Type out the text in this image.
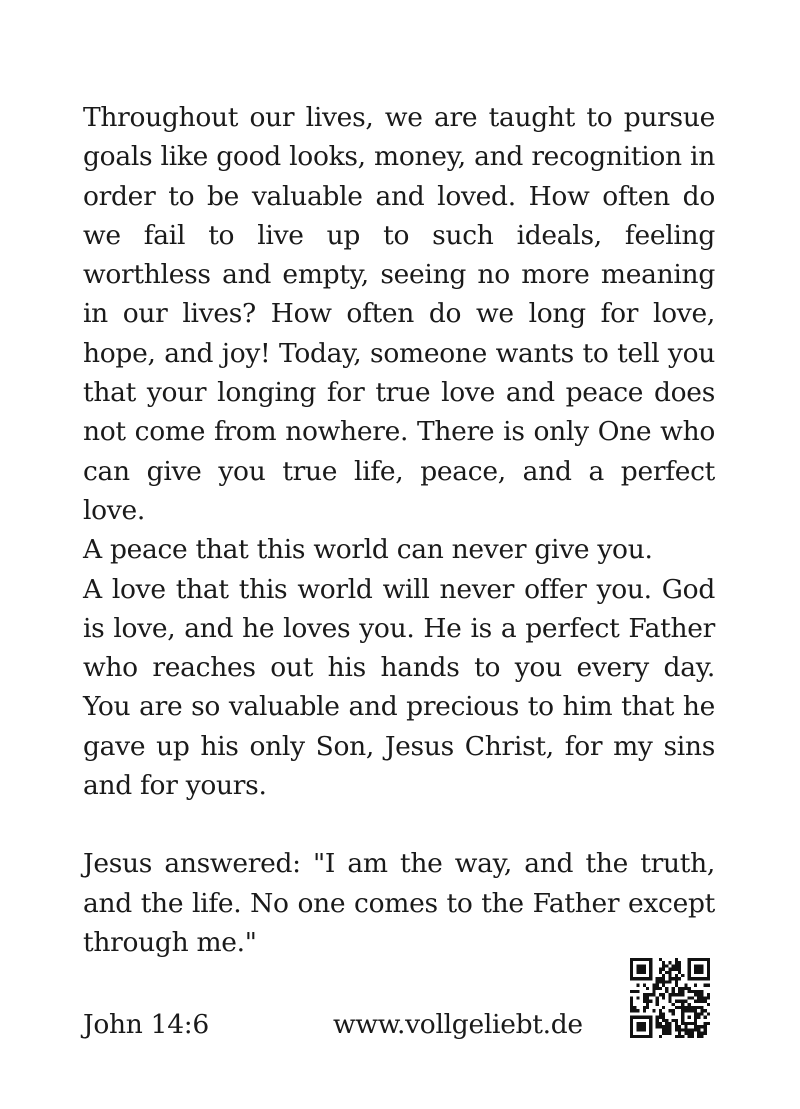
Throughout our lives, we are taught to pursue goals like good looks, money, and recognition in order to be valuable and loved. How often do we fail to live up to such ideals, feeling worthless and empty, seeing no more meaning in our lives? How often do we long for love, hope, and joy! Today, someone wants to tell you that your longing for true love and peace does not come from nowhere. There is only One who can give you true life, peace, and a perfect love.

A peace that this world can never give you.

A love that this world will never offer you. God is love, and he loves you. He is a perfect Father who reaches out his hands to you every day. You are so valuable and precious to him that he gave up his only Son, Jesus Christ, for my sins and for yours.

Jesus answered: "I am the way, and the truth, and the life. No one comes to the Father except through me."

John 14:6	www.vollgeliebt.de
